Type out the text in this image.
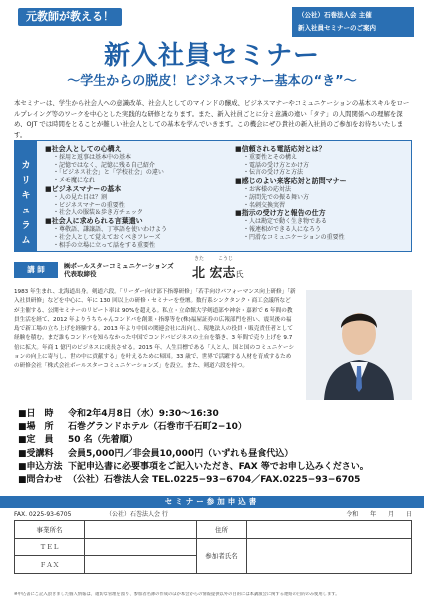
元教師が教える！	（公社）石巻法人会 主催
新入社員セミナーのご案内
新入社員セミナー
〜学生からの脱皮！ビジネスマナー基本の“き”〜
本セミナーは、学生から社会人への意識改革、社会人としてのマインドの醸成、ビジネスマナーやコミュニケーションの基本スキルをロールプレイング等のワークを中心とした実践的な研修となります。また、新入社員ごとに分ミ意識の違い「タテ」の人間関係への理解を深め、OJT では時間をとることが難しい社会人としての基本を学んでいきます。この機会にぜひ貴社の新入社員のご参加をお待ちいたします。
カ
リ
キ
ュ
ラ
ム
■社会人としての心構え
・採用と返事は基本中の基本
・記憶ではなく、記憶に残る自己紹介
・「ビジネス社会」と「学校社会」の違い
・メモ魔になれ
■ビジネスマナーの基本
・人の見た目は？割
・ビジネスマナーの重要性
・社会人の服装＆歩き方チェック
■社会人に求められる言葉遣い
・尊敬語、謙譲語、丁寧語を使いわけよう
・社会人として覚えておくべきフレーズ
・相手の立場に立って話をする重要性
■信頼される電話応対とは？
・重要性とその構え
・電話の受け方とかけ方
・伝言の受け方と方法
■感じのよい来客応対と訪問マナー
・お客様の応対法
・訪問先での振る舞い方
・名刺交換実習
■指示の受け方と報告の仕方
・人は勘定で動く生き物である
・報連相ができる人になろう
・円滑なコミュニケーションの重要性
講 師	㈱ボールスターコミュニケーションズ
代表取締役
きた	こうじ
北 宏志氏
1983 年生まれ、北海道出身。剣道六段。「リーダー向け部下指導研修」「若手向けパフォーマンス向上研修」「新入社員研修」などを中心に、年に 130 回以上の研修・セミナーを登壇。数行系シンクタンク・商工会議所などが主催する、公開セミナーのリピート率は 90%を超える。私立・立命館大学剣道部や神奈・嘉彩で 6 年間の教員生活を経て、2012 年よりうちちゃんコンドバを創業・指導等を(株)福屋証券の広報部門を担い、震災後の福島で新工場の立ち上げを経験する。2013 年より中国の関連会社に出向し、現地法人の役員・販売責任者として経験を積む。まだ誰もコンドバを知らなかった中国でコンドバビジネスの土台を築き、3 年間で売り上げを 9.7 倍に拡大。年商 1 億円のビジネスに成長させる。2015 年、人生目標である「人と人、国と国のコミュニケーションの向上に寄与し、世の中に貢献する」を叶えるために帰国。33 歳で、世界で活躍する人材を育成するための研修会社「株式会社ボールスターコミュニケーションズ」を設立。また、剣道六段を持つ。
■日　時 令和2年4月8日（水）9:30〜16:30
■場　所 石巻グランドホテル（石巻市千石町2−10）
■定　員 50 名（先着順）
■受講料 会員5,000円／非会員10,000円（いずれも昼食代込）
■申込方法 下記申込書に必要事項をご記入いただき、FAX 等でお申し込みください。
■問合わせ （公社）石巻法人会 TEL.0225−93−6704／FAX.0225−93−6705
セミナー参加申込書
FAX. 0225-93-6705	（公社）石巻法人会 行	令和 年 月 日
事業所名		住所	
ＴＥＬ		参加者氏名	
ＦＡＸ			
※申込書にご記入頂きました個人情報は、適切な管理を図り、参加者名簿の作成のほか本会からの情報提供以外の目的には本講演会に関する連絡の目的のみ使用します。
